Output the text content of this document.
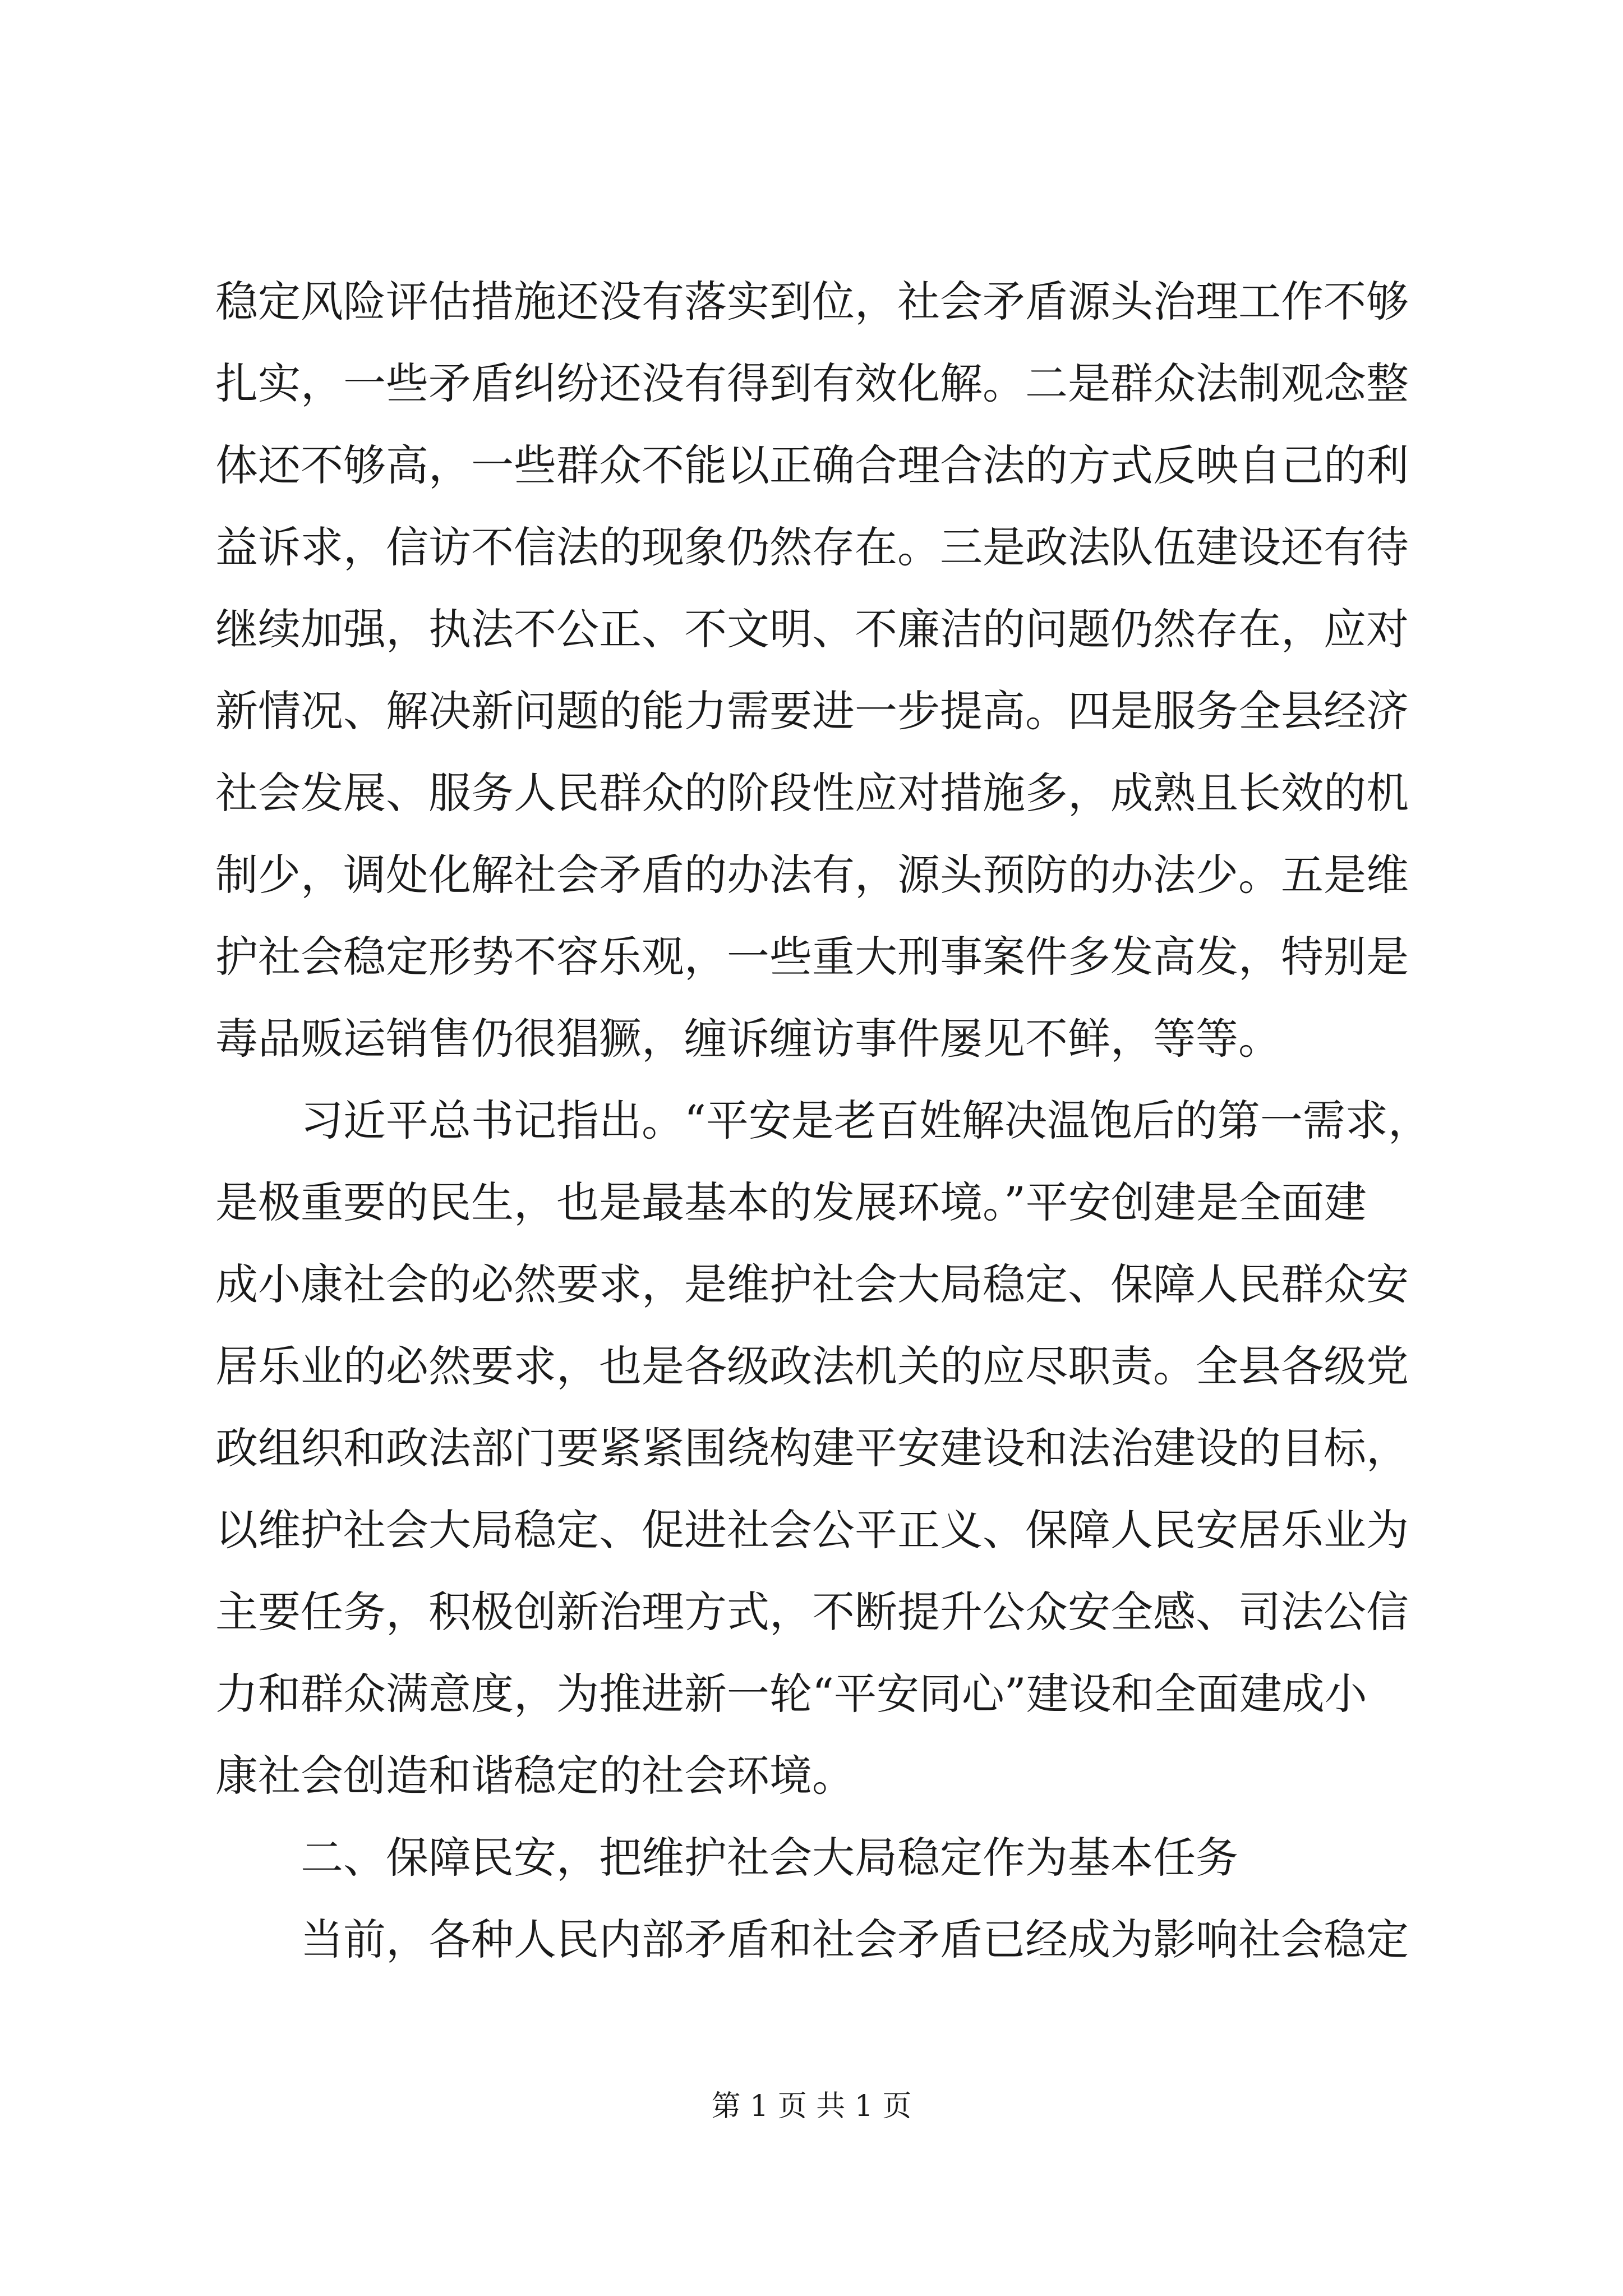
稳定风险评估措施还没有落实到位，社会矛盾源头治理工作不够
扎实，一些矛盾纠纷还没有得到有效化解。二是群众法制观念整
体还不够高，一些群众不能以正确合理合法的方式反映自己的利
益诉求，信访不信法的现象仍然存在。三是政法队伍建设还有待
继续加强，执法不公正、不文明、不廉洁的问题仍然存在，应对
新情况、解决新问题的能力需要进一步提高。四是服务全县经济
社会发展、服务人民群众的阶段性应对措施多，成熟且长效的机
制少，调处化解社会矛盾的办法有，源头预防的办法少。五是维
护社会稳定形势不容乐观，一些重大刑事案件多发高发，特别是
毒品贩运销售仍很猖獗，缠诉缠访事件屡见不鲜，等等。
习近平总书记指出。“平安是老百姓解决温饱后的第一需求，
是极重要的民生，也是最基本的发展环境。”平安创建是全面建
成小康社会的必然要求，是维护社会大局稳定、保障人民群众安
居乐业的必然要求，也是各级政法机关的应尽职责。全县各级党
政组织和政法部门要紧紧围绕构建平安建设和法治建设的目标，
以维护社会大局稳定、促进社会公平正义、保障人民安居乐业为
主要任务，积极创新治理方式，不断提升公众安全感、司法公信
力和群众满意度，为推进新一轮“平安同心”建设和全面建成小
康社会创造和谐稳定的社会环境。
二、保障民安，把维护社会大局稳定作为基本任务
当前，各种人民内部矛盾和社会矛盾已经成为影响社会稳定
第 1 页 共 1 页
